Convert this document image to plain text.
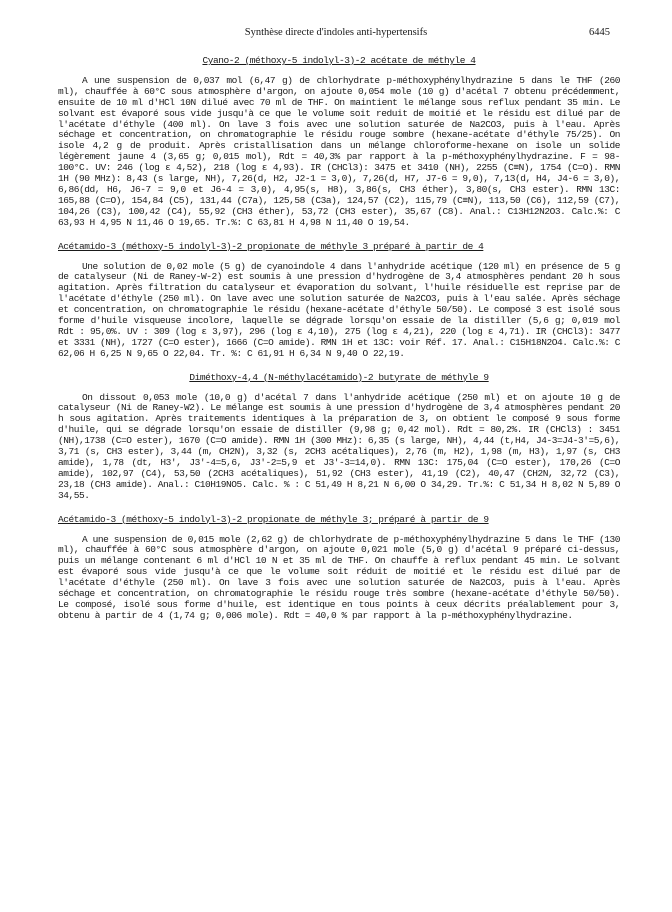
Synthèse directe d'indoles anti-hypertensifs	6445
Cyano-2 (méthoxy-5 indolyl-3)-2 acétate de méthyle 4
A une suspension de 0,037 mol (6,47 g) de chlorhydrate p-méthoxyphénylhydrazine 5 dans le THF (260 ml), chauffée à 60°C sous atmosphère d'argon, on ajoute 0,054 mole (10 g) d'acétal 7 obtenu précédemment, ensuite de 10 ml d'HCl 10N dilué avec 70 ml de THF. On maintient le mélange sous reflux pendant 35 min. Le solvant est évaporé sous vide jusqu'à ce que le volume soit reduit de moitié et le résidu est dilué par de l'acétate d'éthyle (400 ml). On lave 3 fois avec une solution saturée de Na2CO3, puis à l'eau. Après séchage et concentration, on chromatographie le résidu rouge sombre (hexane-acétate d'éthyle 75/25). On isole 4,2 g de produit. Après cristallisation dans un mélange chloroforme-hexane on isole un solide légèrement jaune 4 (3,65 g; 0,015 mol), Rdt = 40,3% par rapport à la p-méthoxyphénylhydrazine. F = 98-100°C. UV: 246 (log ε 4,52), 218 (log ε 4,93). IR (CHCl3): 3475 et 3410 (NH), 2255 (C≡N), 1754 (C=O). RMN 1H (90 MHz): 8,43 (s large, NH), 7,26(d, H2, J2-1 = 3,0), 7,26(d, H7, J7-6 = 9,0), 7,13(d, H4, J4-6 = 3,0), 6,86(dd, H6, J6-7 = 9,0 et J6-4 = 3,0), 4,95(s, H8), 3,86(s, CH3 éther), 3,80(s, CH3 ester). RMN 13C: 165,88 (C=O), 154,84 (C5), 131,44 (C7a), 125,58 (C3a), 124,57 (C2), 115,79 (C≡N), 113,50 (C6), 112,59 (C7), 104,26 (C3), 100,42 (C4), 55,92 (CH3 éther), 53,72 (CH3 ester), 35,67 (C8). Anal.: C13H12N2O3. Calc.%: C 63,93 H 4,95 N 11,46 O 19,65. Tr.%: C 63,81 H 4,98 N 11,40 O 19,54.
Acétamido-3 (méthoxy-5 indolyl-3)-2 propionate de méthyle 3 préparé à partir de 4
Une solution de 0,02 mole (5 g) de cyanoindole 4 dans l'anhydride acétique (120 ml) en présence de 5 g de catalyseur (Ni de Raney-W-2) est soumis à une pression d'hydrogène de 3,4 atmosphères pendant 20 h sous agitation. Après filtration du catalyseur et évaporation du solvant, l'huile résiduelle est reprise par de l'acétate d'éthyle (250 ml). On lave avec une solution saturée de Na2CO3, puis à l'eau salée. Après séchage et concentration, on chromatographie le résidu (hexane-acétate d'éthyle 50/50). Le composé 3 est isolé sous forme d'huile visqueuse incolore, laquelle se dégrade lorsqu'on essaie de la distiller (5,6 g; 0,019 mol Rdt : 95,0%. UV : 309 (log ε 3,97), 296 (log ε 4,10), 275 (log ε 4,21), 220 (log ε 4,71). IR (CHCl3): 3477 et 3331 (NH), 1727 (C=O ester), 1666 (C=O amide). RMN 1H et 13C: voir Réf. 17. Anal.: C15H18N2O4. Calc.%: C 62,06 H 6,25 N 9,65 O 22,04. Tr. %: C 61,91 H 6,34 N 9,40 O 22,19.
Diméthoxy-4,4 (N-méthylacétamido)-2 butyrate de méthyle 9
On dissout 0,053 mole (10,0 g) d'acétal 7 dans l'anhydride acétique (250 ml) et on ajoute 10 g de catalyseur (Ni de Raney-W2). Le mélange est soumis à une pression d'hydrogène de 3,4 atmosphères pendant 20 h sous agitation. Après traitements identiques à la préparation de 3, on obtient le composé 9 sous forme d'huile, qui se dégrade lorsqu'on essaie de distiller (9,98 g; 0,42 mol). Rdt = 80,2%. IR (CHCl3) : 3451 (NH),1738 (C=O ester), 1670 (C=O amide). RMN 1H (300 MHz): 6,35 (s large, NH), 4,44 (t,H4, J4-3=J4-3'=5,6), 3,71 (s, CH3 ester), 3,44 (m, CH2N), 3,32 (s, 2CH3 acétaliques), 2,76 (m, H2), 1,98 (m, H3), 1,97 (s, CH3 amide), 1,78 (dt, H3', J3'-4=5,6, J3'-2=5,9 et J3'-3=14,0). RMN 13C: 175,04 (C=O ester), 170,26 (C=O amide), 102,97 (C4), 53,50 (2CH3 acétaliques), 51,92 (CH3 ester), 41,19 (C2), 40,47 (CH2N, 32,72 (C3), 23,18 (CH3 amide). Anal.: C10H19NO5. Calc. % : C 51,49 H 8,21 N 6,00 O 34,29. Tr.%: C 51,34 H 8,02 N 5,89 O 34,55.
Acétamido-3 (méthoxy-5 indolyl-3)-2 propionate de méthyle 3; préparé à partir de 9
A une suspension de 0,015 mole (2,62 g) de chlorhydrate de p-méthoxyphénylhydrazine 5 dans le THF (130 ml), chauffée à 60°C sous atmosphère d'argon, on ajoute 0,021 mole (5,0 g) d'acétal 9 préparé ci-dessus, puis un mélange contenant 6 ml d'HCl 10 N et 35 ml de THF. On chauffe à reflux pendant 45 min. Le solvant est évaporé sous vide jusqu'à ce que le volume soit réduit de moitié et le résidu est dilué par de l'acétate d'éthyle (250 ml). On lave 3 fois avec une solution saturée de Na2CO3, puis à l'eau. Après séchage et concentration, on chromatographie le résidu rouge très sombre (hexane-acétate d'éthyle 50/50). Le composé, isolé sous forme d'huile, est identique en tous points à ceux décrits préalablement pour 3, obtenu à partir de 4 (1,74 g; 0,006 mole). Rdt = 40,0 % par rapport à la p-méthoxyphénylhydrazine.
